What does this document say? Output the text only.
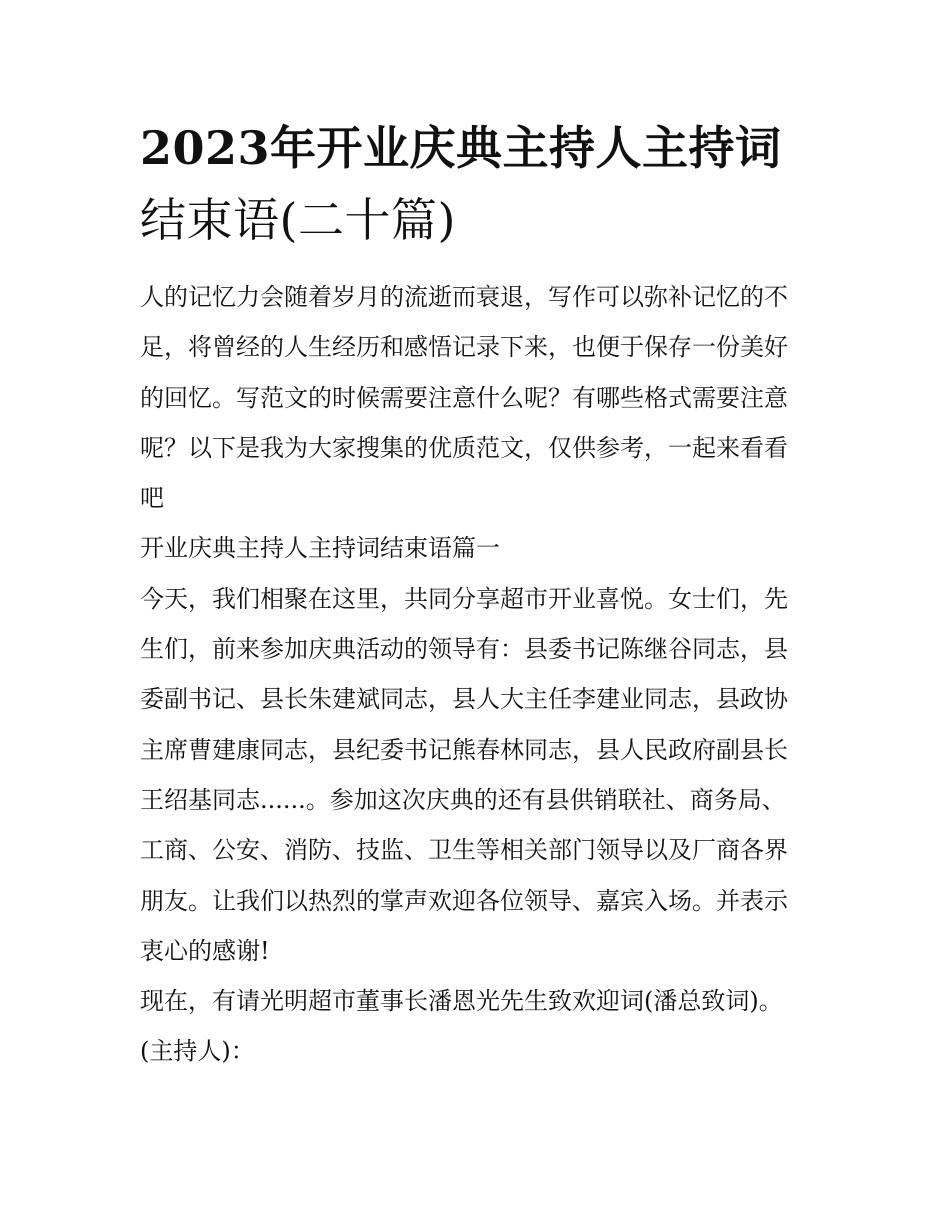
2023年开业庆典主持人主持词
结束语(二十篇)

人的记忆力会随着岁月的流逝而衰退，写作可以弥补记忆的不
足，将曾经的人生经历和感悟记录下来，也便于保存一份美好
的回忆。写范文的时候需要注意什么呢？有哪些格式需要注意
呢？以下是我为大家搜集的优质范文，仅供参考，一起来看看
吧

开业庆典主持人主持词结束语篇一

今天，我们相聚在这里，共同分享超市开业喜悦。女士们，先
生们，前来参加庆典活动的领导有：县委书记陈继谷同志，县
委副书记、县长朱建斌同志，县人大主任李建业同志，县政协
主席曹建康同志，县纪委书记熊春林同志，县人民政府副县长
王绍基同志......。参加这次庆典的还有县供销联社、商务局、
工商、公安、消防、技监、卫生等相关部门领导以及厂商各界
朋友。让我们以热烈的掌声欢迎各位领导、嘉宾入场。并表示
衷心的感谢!

现在，有请光明超市董事长潘恩光先生致欢迎词(潘总致词)。

(主持人)：
